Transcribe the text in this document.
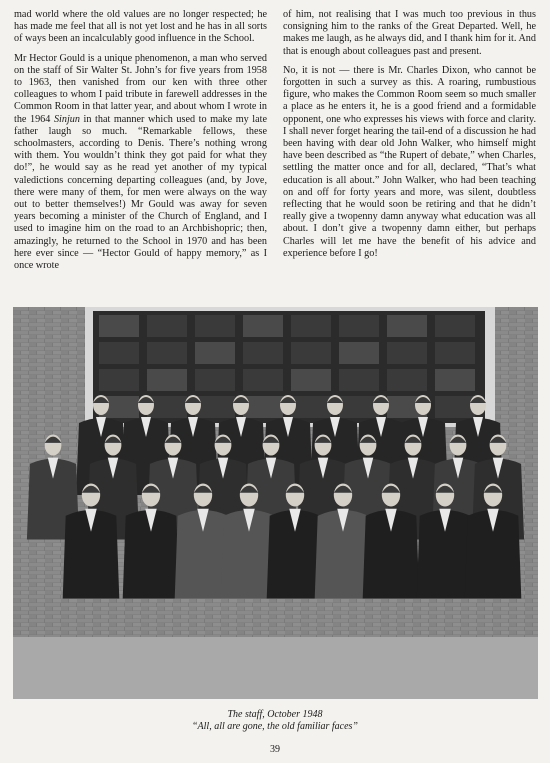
mad world where the old values are no longer respected; he has made me feel that all is not yet lost and he has in all sorts of ways been an incalculably good influence in the School.

Mr Hector Gould is a unique phenomenon, a man who served on the staff of Sir Walter St. John’s for five years from 1958 to 1963, then vanished from our ken with three other colleagues to whom I paid tribute in farewell addresses in the Common Room in that latter year, and about whom I wrote in the 1964 Sinjun in that manner which used to make my late father laugh so much. “Remarkable fellows, these schoolmasters, according to Denis. There’s nothing wrong with them. You wouldn’t think they got paid for what they do!”, he would say as he read yet another of my typical valedictions concerning departing colleagues (and, by Jove, there were many of them, for men were always on the way out to better themselves!) Mr Gould was away for seven years becoming a minister of the Church of England, and I used to imagine him on the road to an Archbishopric; then, amazingly, he returned to the School in 1970 and has been here ever since — “Hector Gould of happy memory,” as I once wrote

of him, not realising that I was much too previous in thus consigning him to the ranks of the Great Departed. Well, he makes me laugh, as he always did, and I thank him for it. And that is enough about colleagues past and present.

No, it is not — there is Mr. Charles Dixon, who cannot be forgotten in such a survey as this. A roaring, rumbustious figure, who makes the Common Room seem so much smaller a place as he enters it, he is a good friend and a formidable opponent, one who expresses his views with force and clarity. I shall never forget hearing the tail-end of a discussion he had been having with dear old John Walker, who himself might have been described as “the Rupert of debate,” when Charles, settling the matter once and for all, declared, “That’s what education is all about.” John Walker, who had been teaching on and off for forty years and more, was silent, doubtless reflecting that he would soon be retiring and that he didn’t really give a twopenny damn anyway what education was all about. I don’t give a twopenny damn either, but perhaps Charles will let me have the benefit of his advice and experience before I go!

The staff, October 1948
“All, all are gone, the old familiar faces”
39
